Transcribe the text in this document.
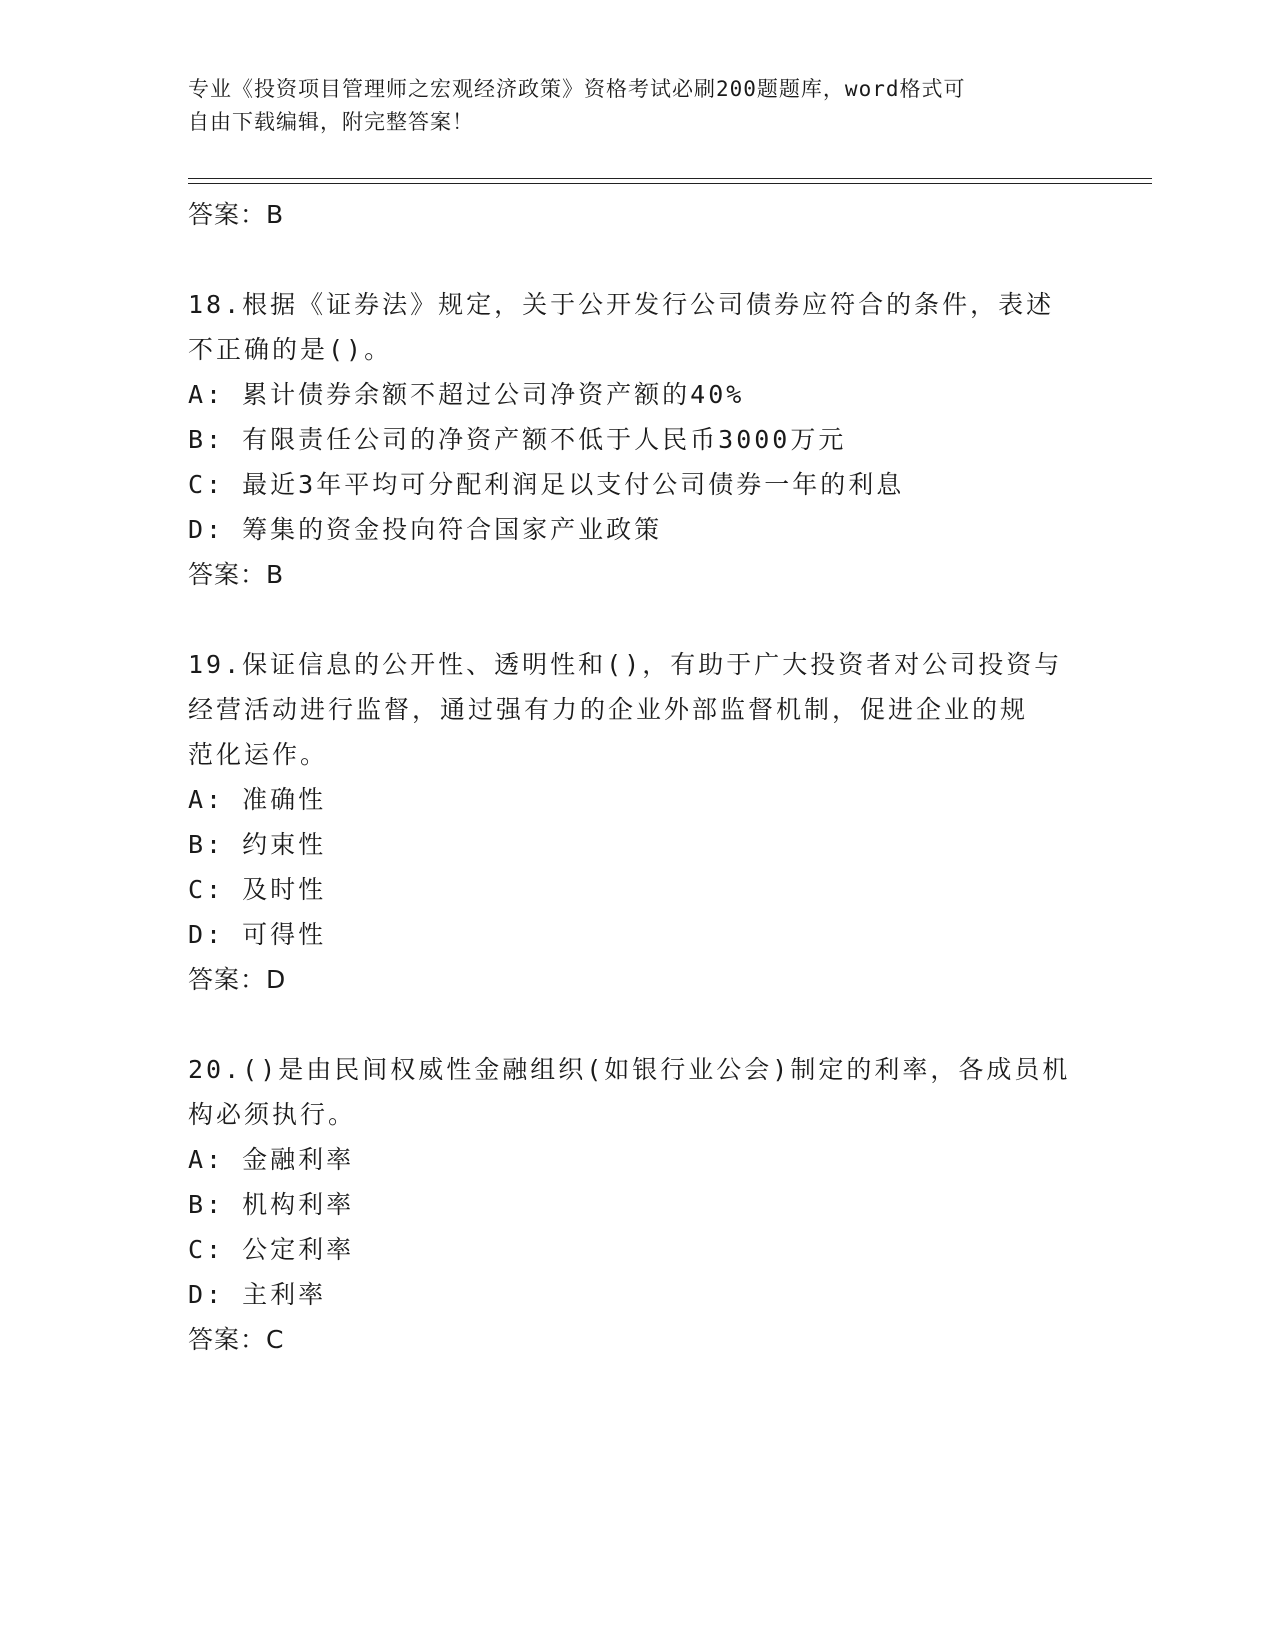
专业《投资项目管理师之宏观经济政策》资格考试必刷200题题库，word格式可
自由下载编辑，附完整答案！
答案：B
18.根据《证券法》规定，关于公开发行公司债券应符合的条件，表述
不正确的是()。
A: 累计债券余额不超过公司净资产额的40%
B: 有限责任公司的净资产额不低于人民币3000万元
C: 最近3年平均可分配利润足以支付公司债券一年的利息
D: 筹集的资金投向符合国家产业政策
答案：B
19.保证信息的公开性、透明性和()，有助于广大投资者对公司投资与
经营活动进行监督，通过强有力的企业外部监督机制，促进企业的规
范化运作。
A: 准确性
B: 约束性
C: 及时性
D: 可得性
答案：D
20.()是由民间权威性金融组织(如银行业公会)制定的利率，各成员机
构必须执行。
A: 金融利率
B: 机构利率
C: 公定利率
D: 主利率
答案：C
